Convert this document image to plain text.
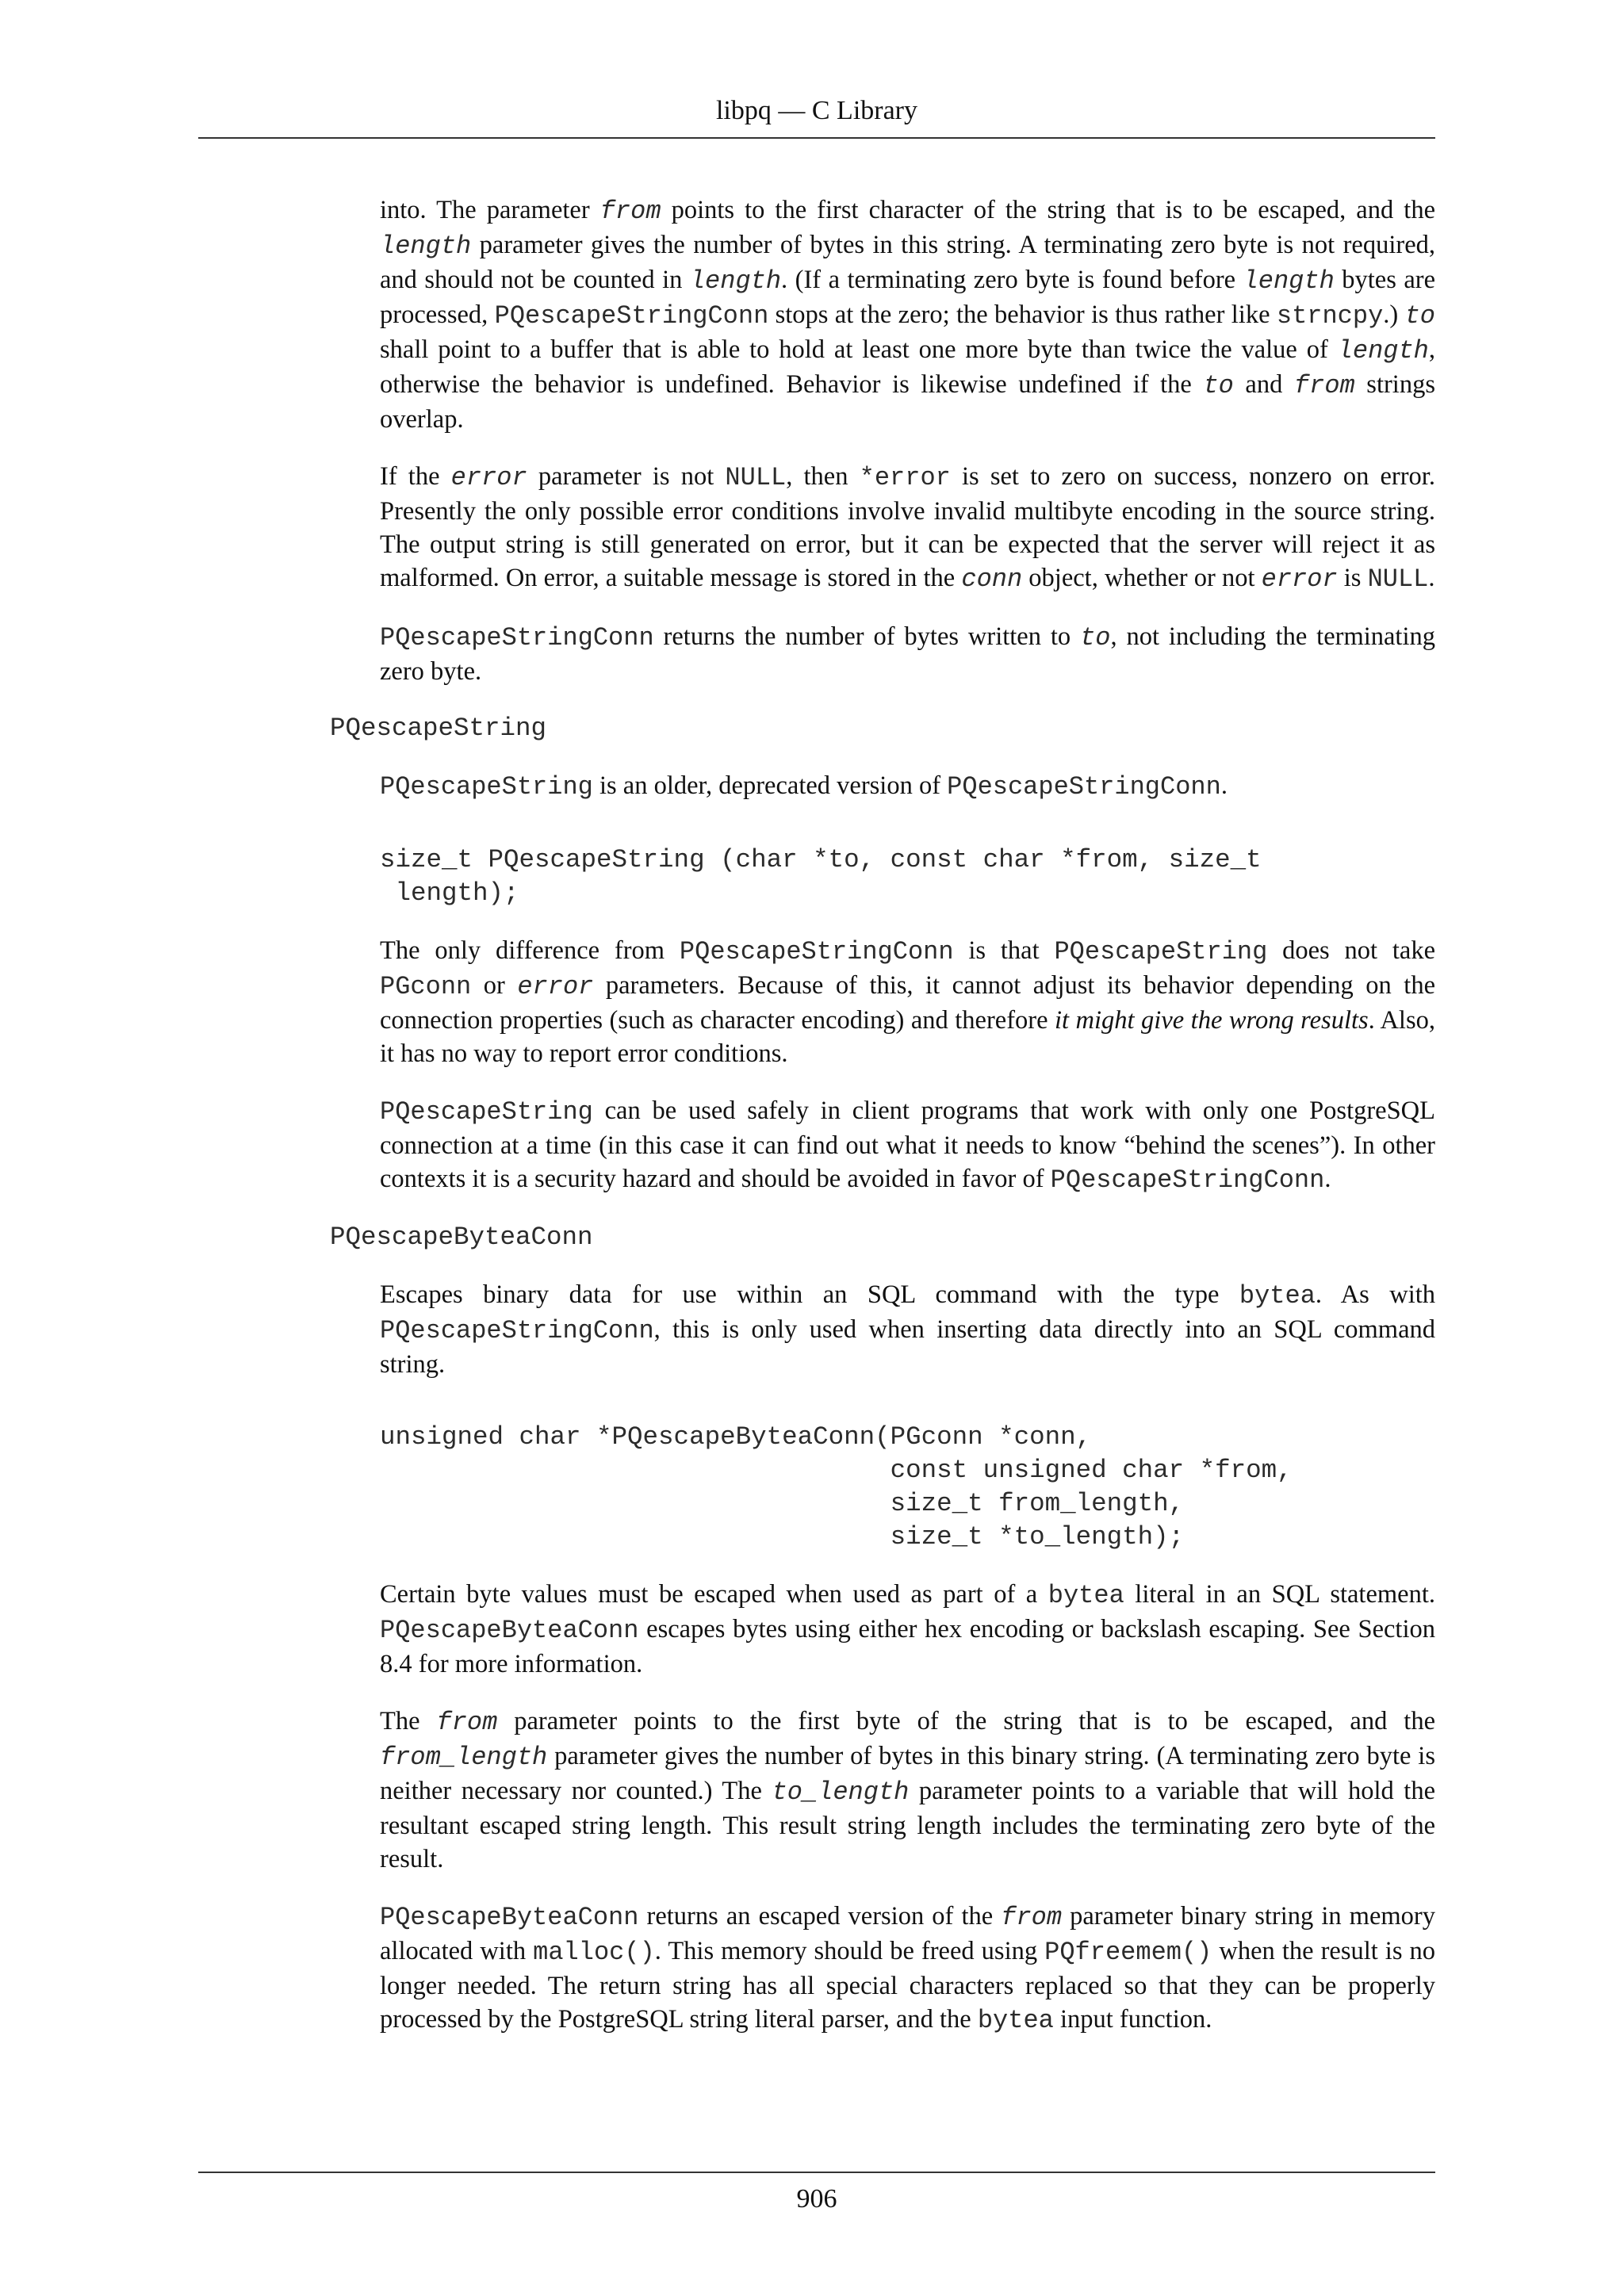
libpq — C Library

into. The parameter from points to the first character of the string that is to be escaped, and the length parameter gives the number of bytes in this string. A terminating zero byte is not required, and should not be counted in length. (If a terminating zero byte is found before length bytes are processed, PQescapeStringConn stops at the zero; the behavior is thus rather like strncpy.) to shall point to a buffer that is able to hold at least one more byte than twice the value of length, otherwise the behavior is undefined. Behavior is likewise undefined if the to and from strings overlap.

If the error parameter is not NULL, then *error is set to zero on success, nonzero on error. Presently the only possible error conditions involve invalid multibyte encoding in the source string. The output string is still generated on error, but it can be expected that the server will reject it as malformed. On error, a suitable message is stored in the conn object, whether or not error is NULL.

PQescapeStringConn returns the number of bytes written to to, not including the terminating zero byte.

PQescapeString

PQescapeString is an older, deprecated version of PQescapeStringConn.

size_t PQescapeString (char *to, const char *from, size_t
length);

The only difference from PQescapeStringConn is that PQescapeString does not take PGconn or error parameters. Because of this, it cannot adjust its behavior depending on the connection properties (such as character encoding) and therefore it might give the wrong results. Also, it has no way to report error conditions.

PQescapeString can be used safely in client programs that work with only one PostgreSQL connection at a time (in this case it can find out what it needs to know “behind the scenes”). In other contexts it is a security hazard and should be avoided in favor of PQescapeStringConn.

PQescapeByteaConn

Escapes binary data for use within an SQL command with the type bytea. As with PQescapeStringConn, this is only used when inserting data directly into an SQL command string.

unsigned char *PQescapeByteaConn(PGconn *conn,
const unsigned char *from,
size_t from_length,
size_t *to_length);

Certain byte values must be escaped when used as part of a bytea literal in an SQL statement. PQescapeByteaConn escapes bytes using either hex encoding or backslash escaping. See Section 8.4 for more information.

The from parameter points to the first byte of the string that is to be escaped, and the from_length parameter gives the number of bytes in this binary string. (A terminating zero byte is neither necessary nor counted.) The to_length parameter points to a variable that will hold the resultant escaped string length. This result string length includes the terminating zero byte of the result.

PQescapeByteaConn returns an escaped version of the from parameter binary string in memory allocated with malloc(). This memory should be freed using PQfreemem() when the result is no longer needed. The return string has all special characters replaced so that they can be properly processed by the PostgreSQL string literal parser, and the bytea input function.

906
